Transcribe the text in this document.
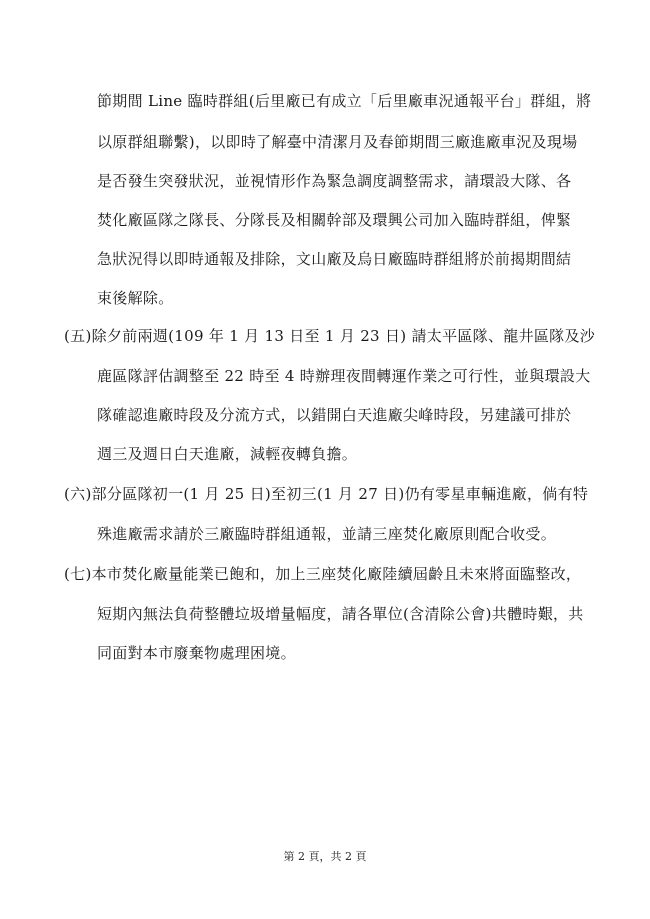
節期間 Line 臨時群組(后里廠已有成立「后里廠車況通報平台」群組，將
以原群組聯繫)，以即時了解臺中清潔月及春節期間三廠進廠車況及現場
是否發生突發狀況，並視情形作為緊急調度調整需求，請環設大隊、各
焚化廠區隊之隊長、分隊長及相關幹部及環興公司加入臨時群組，俾緊
急狀況得以即時通報及排除，文山廠及烏日廠臨時群組將於前揭期間結
束後解除。
(五)除夕前兩週(109 年 1 月 13 日至 1 月 23 日) 請太平區隊、龍井區隊及沙
鹿區隊評估調整至 22 時至 4 時辦理夜間轉運作業之可行性，並與環設大
隊確認進廠時段及分流方式，以錯開白天進廠尖峰時段，另建議可排於
週三及週日白天進廠，減輕夜轉負擔。
(六)部分區隊初一(1 月 25 日)至初三(1 月 27 日)仍有零星車輛進廠，倘有特
殊進廠需求請於三廠臨時群組通報，並請三座焚化廠原則配合收受。
(七)本市焚化廠量能業已飽和，加上三座焚化廠陸續屆齡且未來將面臨整改，
短期內無法負荷整體垃圾增量幅度，請各單位(含清除公會)共體時艱，共
同面對本市廢棄物處理困境。
第 2 頁，共 2 頁
